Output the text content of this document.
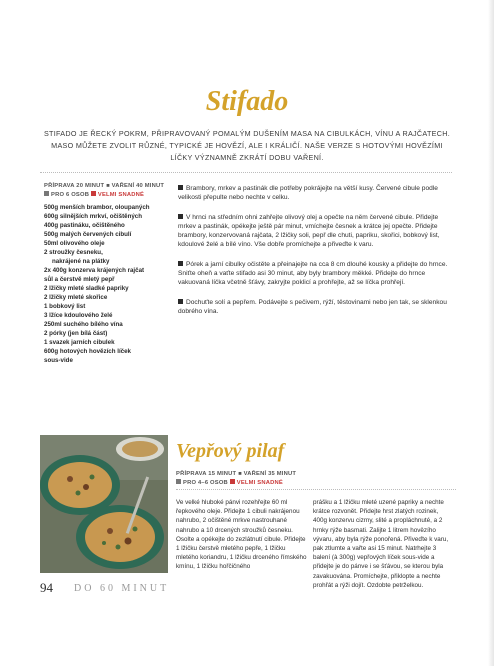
Stifado
STIFADO JE ŘECKÝ POKRM, PŘIPRAVOVANÝ POMALÝM DUŠENÍM MASA NA CIBULKÁCH, VÍNU A RAJČATECH. MASO MŮŽETE ZVOLIT RŮZNÉ, TYPICKÉ JE HOVĚZÍ, ALE I KRÁLIČÍ. NAŠE VERZE S HOTOVÝMI HOVĚZÍMI LÍČKY VÝZNAMNĚ ZKRÁTÍ DOBU VAŘENÍ.
PŘÍPRAVA 20 MINUT ■ VAŘENÍ 40 MINUT
PRO 6 OSOB VELMI SNADNÉ
500g menších brambor, oloupaných
600g silnějších mrkví, očištěných
400g pastináku, očištěného
500g malých červených cibulí
50ml olivového oleje
2 stroužky česneku,
nakrájené na plátky
2x 400g konzerva krájených rajčat
sůl a čerstvě mletý pepř
2 lžičky mleté sladké papriky
2 lžičky mleté skořice
1 bobkový list
3 lžíce kdoulového želé
250ml suchého bílého vína
2 pórky (jen bílá část)
1 svazek jarních cibulek
600g hotových hovězích líček
sous-vide

Brambory, mrkev a pastinák dle potřeby pokrájejte na větší kusy. Červené cibule podle velikosti přepulte nebo nechte v celku.

V hrnci na středním ohni zahřejte olivový olej a opečte na něm červené cibule. Přidejte mrkev a pastinák, opékejte ještě pár minut, vmíchejte česnek a krátce jej opečte. Přidejte brambory, konzervovaná rajčata, 2 lžičky soli, pepř dle chuti, papriku, skořici, bobkový list, kdoulové želé a bílé víno. Vše dobře promíchejte a přiveďte k varu.

Pórek a jarní cibulky očistěte a přeinajejte na cca 8 cm dlouhé kousky a přidejte do hrnce. Sniťte oheň a vaťte stifado asi 30 minut, aby byly brambory měkké. Přidejte do hrnce vakuovaná líčka včetně šťávy, zakryjte poklicí a prohřejte, až se líčka prohřejí.

Dochuťte solí a pepřem. Podávejte s pečivem, rýží, těstovinami nebo jen tak, se sklenkou dobrého vína.

Vepřový pilaf
PŘÍPRAVA 15 MINUT ■ VAŘENÍ 35 MINUT
PRO 4–6 OSOB VELMI SNADNÉ

Ve velké hluboké pánvi rozehřejte 60 ml řepkového oleje. Přidejte 1 cibuli nakrájenou nahrubo, 2 očištěné mrkve nastrouhané nahrubo a 10 drcených stroužků česneku. Osolte a opékejte do zezlátnutí cibule. Přidejte 1 lžičku čerstvě mletého pepře, 1 lžičku mletého koriandru, 1 lžičku drceného římského kmínu, 1 lžičku hořčičného

prášku a 1 lžičku mleté uzené papriky a nechte krátce rozvonět. Přidejte hrst zlatých rozinek, 400g konzervu cizrny, slité a propláchnuté, a 2 hrnky rýže basmati. Zalijte 1 litrem hovězího vývaru, aby byla rýže ponořená. Přiveďte k varu, pak ztlumte a vařte asi 15 minut. Natrhejte 3 balení (à 300g) vepřových líček sous-vide a přidejte je do pánve i se šťávou, se kterou byla zavakuována. Promíchejte, přiklopte a nechte prohřát a rýži dojít. Ozdobte petrželkou.

94 DO 60 MINUT
